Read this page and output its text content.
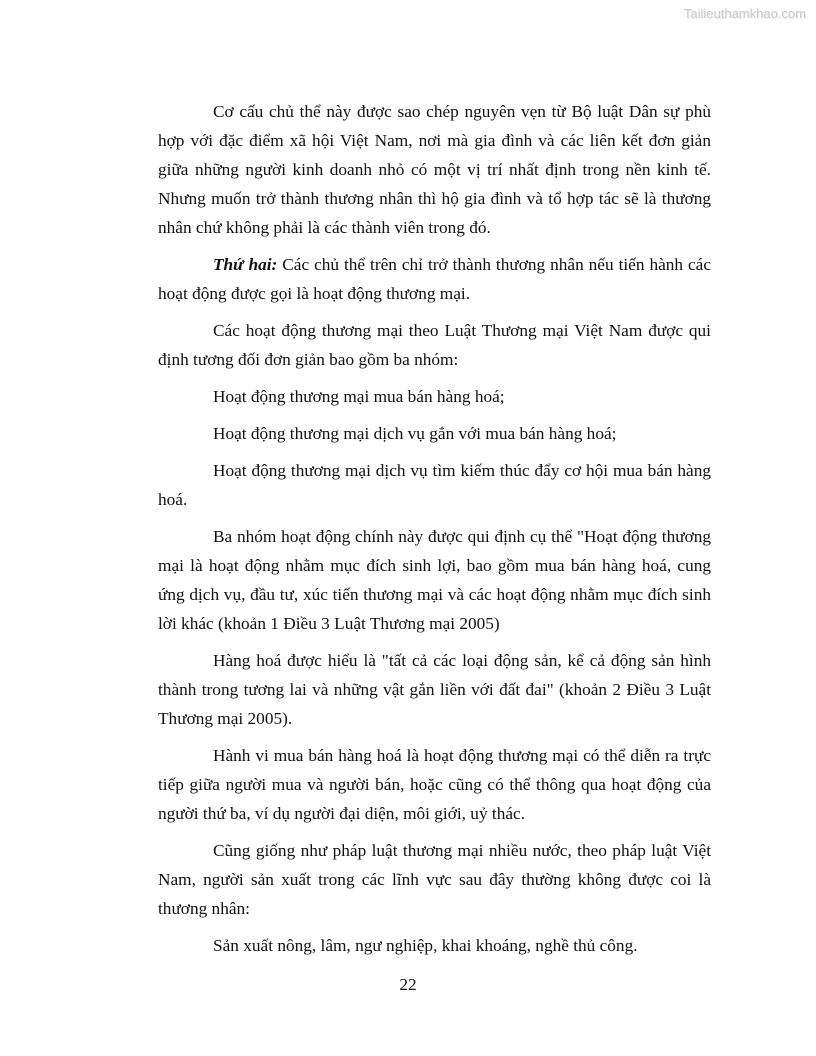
Tailieuthamkhao.com

Cơ cấu chủ thể này được sao chép nguyên vẹn từ Bộ luật Dân sự phù hợp với đặc điểm xã hội Việt Nam, nơi mà gia đình và các liên kết đơn giản giữa những người kinh doanh nhỏ có một vị trí nhất định trong nền kinh tế. Nhưng muốn trở thành thương nhân thì hộ gia đình và tổ hợp tác sẽ là thương nhân chứ không phải là các thành viên trong đó.

Thứ hai: Các chủ thể trên chỉ trở thành thương nhân nếu tiến hành các hoạt động được gọi là hoạt động thương mại.

Các hoạt động thương mại theo Luật Thương mại Việt Nam được qui định tương đối đơn giản bao gồm ba nhóm:

Hoạt động thương mại mua bán hàng hoá;

Hoạt động thương mại dịch vụ gắn với mua bán hàng hoá;

Hoạt động thương mại dịch vụ tìm kiếm thúc đẩy cơ hội mua bán hàng hoá.

Ba nhóm hoạt động chính này được qui định cụ thể "Hoạt động thương mại là hoạt động nhằm mục đích sinh lợi, bao gồm mua bán hàng hoá, cung ứng dịch vụ, đầu tư, xúc tiến thương mại và các hoạt động nhằm mục đích sinh lời khác (khoản 1 Điều 3 Luật Thương mại 2005)

Hàng hoá được hiểu là "tất cả các loại động sản, kể cả động sản hình thành trong tương lai và những vật gắn liền với đất đai" (khoản 2 Điều 3 Luật Thương mại 2005).

Hành vi mua bán hàng hoá là hoạt động thương mại có thể diễn ra trực tiếp giữa người mua và người bán, hoặc cũng có thể thông qua hoạt động của người thứ ba, ví dụ người đại diện, môi giới, uỷ thác.

Cũng giống như pháp luật thương mại nhiều nước, theo pháp luật Việt Nam, người sản xuất trong các lĩnh vực sau đây thường không được coi là thương nhân:

Sản xuất nông, lâm, ngư nghiệp, khai khoáng, nghề thủ công.

22
